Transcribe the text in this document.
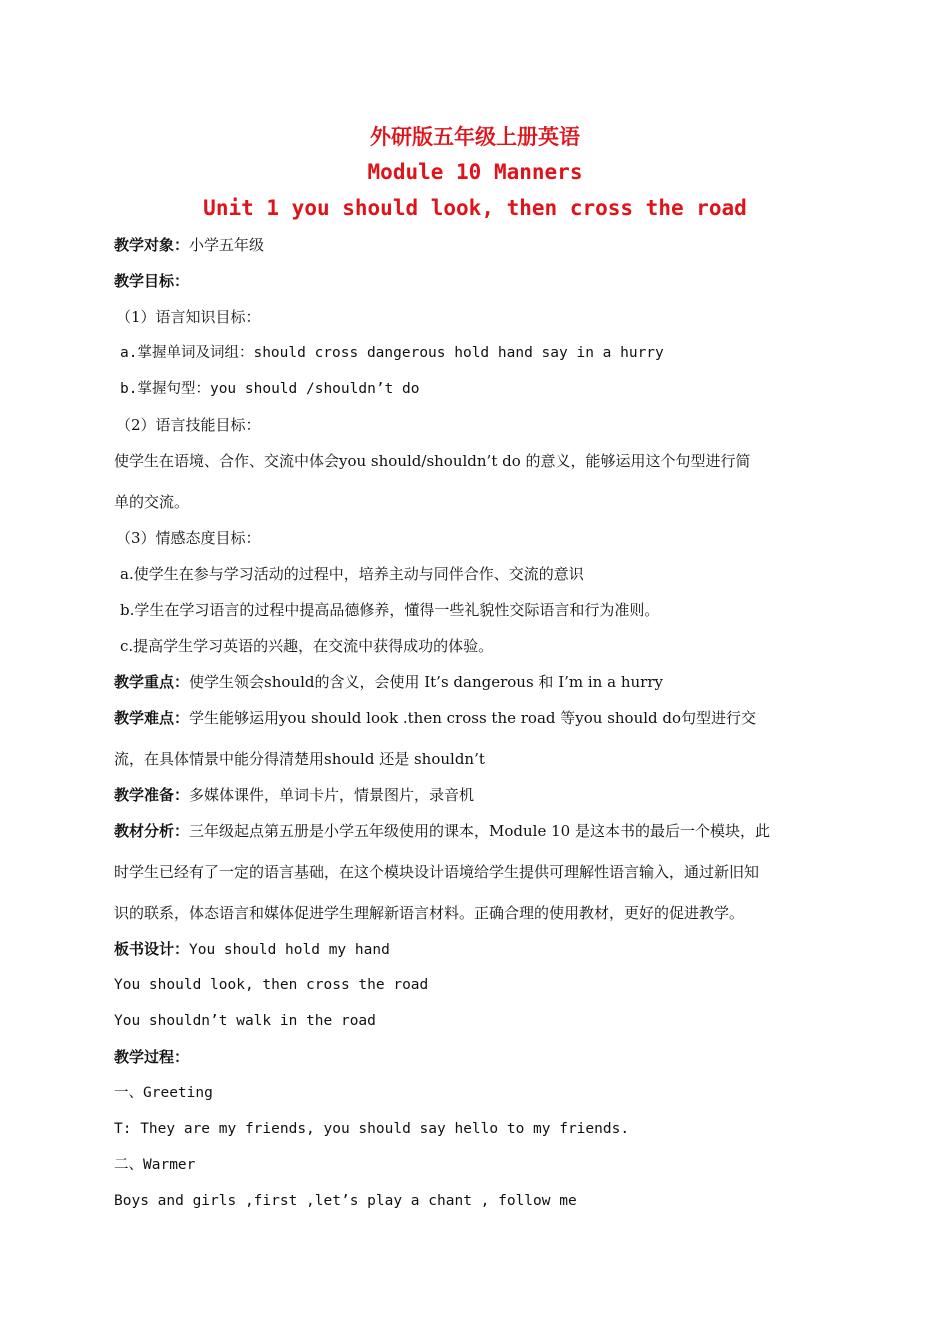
外研版五年级上册英语
Module 10 Manners
Unit 1 you should look, then cross the road
教学对象：小学五年级
教学目标：
（1）语言知识目标：
a.掌握单词及词组：should cross dangerous hold hand say in a hurry
b.掌握句型：you should /shouldn’t do
（2）语言技能目标：
使学生在语境、合作、交流中体会you should/shouldn’t do 的意义，能够运用这个句型进行简
单的交流。
（3）情感态度目标：
a.使学生在参与学习活动的过程中，培养主动与同伴合作、交流的意识
b.学生在学习语言的过程中提高品德修养，懂得一些礼貌性交际语言和行为准则。
c.提高学生学习英语的兴趣，在交流中获得成功的体验。
教学重点：使学生领会should的含义，会使用 It’s dangerous 和 I’m in a hurry
教学难点：学生能够运用you should look .then cross the road 等you should do句型进行交
流，在具体情景中能分得清楚用should 还是 shouldn’t
教学准备：多媒体课件，单词卡片，情景图片，录音机
教材分析：三年级起点第五册是小学五年级使用的课本，Module 10 是这本书的最后一个模块，此
时学生已经有了一定的语言基础，在这个模块设计语境给学生提供可理解性语言输入，通过新旧知
识的联系，体态语言和媒体促进学生理解新语言材料。正确合理的使用教材，更好的促进教学。
板书设计：You should hold my hand
You should look, then cross the road
You shouldn’t walk in the road
教学过程：
一、Greeting
T: They are my friends, you should say hello to my friends.
二、Warmer
Boys and girls ,first ,let’s play a chant , follow me
